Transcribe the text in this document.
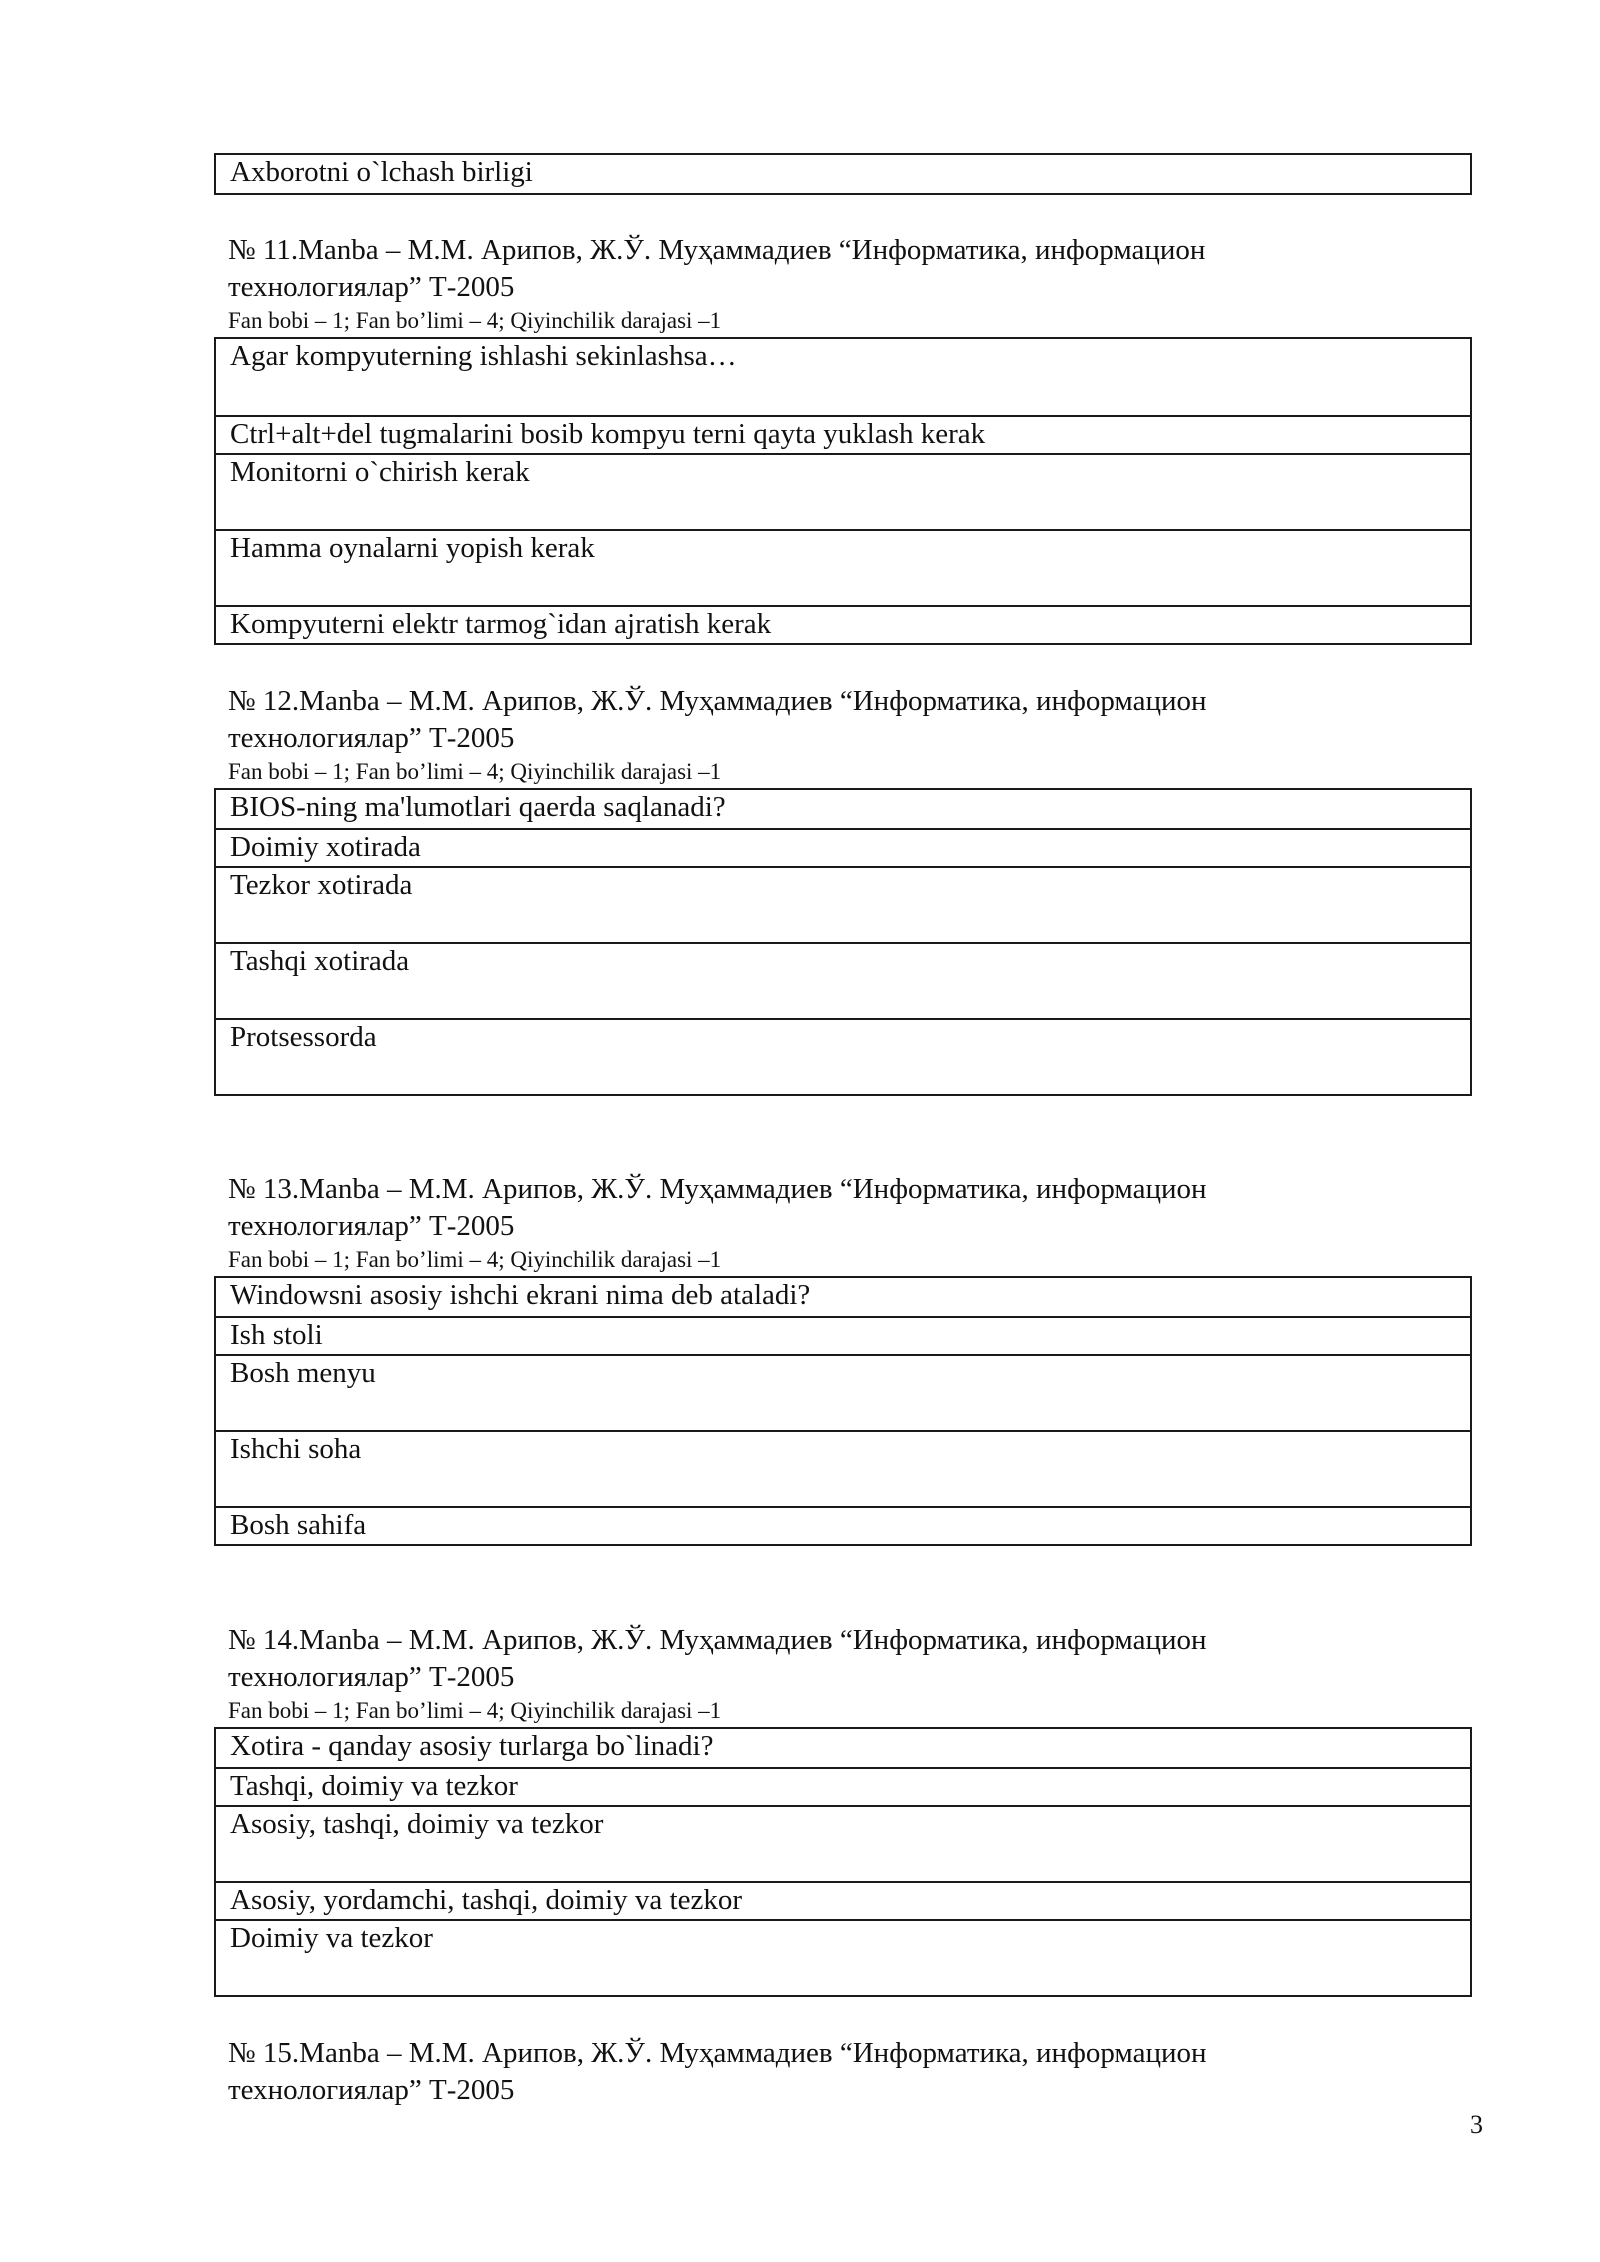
Axborotni o`lchash birligi
№ 11.Manba – М.М. Арипов, Ж.Ў. Муҳаммадиев “Информатика, информацион
технологиялар” Т-2005
Fan bobi – 1; Fan bo’limi – 4; Qiyinchilik darajasi –1
Agar kompyuterning ishlashi sekinlashsa…
Ctrl+alt+del tugmalarini bosib kompyu terni qayta yuklash kerak
Monitorni o`chirish kerak
Hamma oynalarni yopish kerak
Kompyuterni elektr tarmog`idan ajratish kerak
№ 12.Manba – М.М. Арипов, Ж.Ў. Муҳаммадиев “Информатика, информацион
технологиялар” Т-2005
Fan bobi – 1; Fan bo’limi – 4; Qiyinchilik darajasi –1
BIOS-ning ma'lumotlari qaerda saqlanadi?
Doimiy xotirada
Tezkor xotirada
Tashqi xotirada
Protsessorda
№ 13.Manba – М.М. Арипов, Ж.Ў. Муҳаммадиев “Информатика, информацион
технологиялар” Т-2005
Fan bobi – 1; Fan bo’limi – 4; Qiyinchilik darajasi –1
Windowsni asosiy ishchi ekrani nima deb ataladi?
Ish stoli
Bosh menyu
Ishchi soha
Bosh sahifa
№ 14.Manba – М.М. Арипов, Ж.Ў. Муҳаммадиев “Информатика, информацион
технологиялар” Т-2005
Fan bobi – 1; Fan bo’limi – 4; Qiyinchilik darajasi –1
Xotira - qanday asosiy turlarga bo`linadi?
Tashqi, doimiy va tezkor
Asosiy, tashqi, doimiy va tezkor
Asosiy, yordamchi, tashqi, doimiy va tezkor
Doimiy va tezkor
№ 15.Manba – М.М. Арипов, Ж.Ў. Муҳаммадиев “Информатика, информацион
технологиялар” Т-2005
3
